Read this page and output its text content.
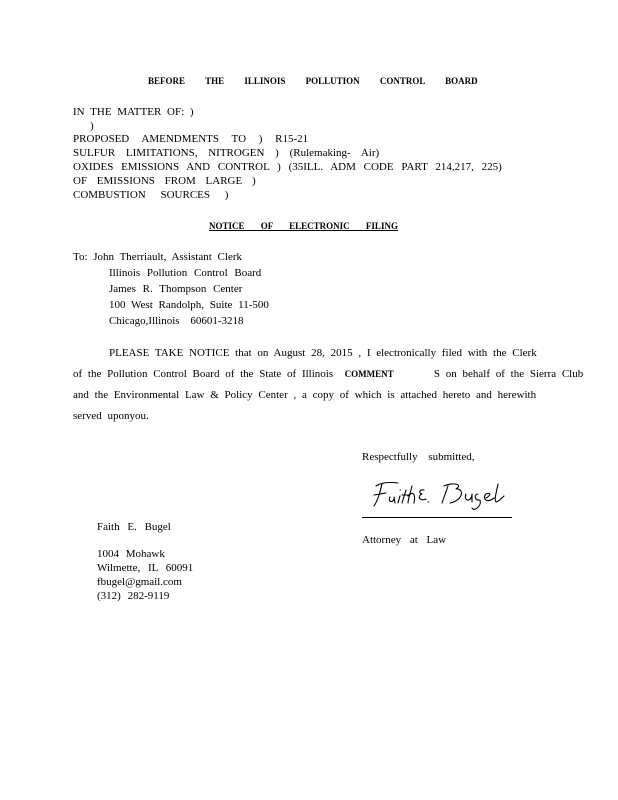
BEFORE THE ILLINOIS POLLUTION CONTROL BOARD
IN THE MATTER OF: )
)
PROPOSED AMENDMENTS TO ) R15-21
SULFUR LIMITATIONS, NITROGEN ) (Rulemaking- Air)
OXIDES EMISSIONS AND CONTROL ) (35ILL. ADM CODE PART 214,217, 225)
OF EMISSIONS FROM LARGE )
COMBUSTION SOURCES )
NOTICE OF ELECTRONIC FILING
To: John Therriault, Assistant Clerk
Illinois Pollution Control Board
James R. Thompson Center
100 West Randolph, Suite 11-500
Chicago,Illinois 60601-3218
PLEASE TAKE NOTICE that on August 28, 2015 , I electronically filed with the Clerk
of the Pollution Control Board of the State of Illinois COMMENT	S on behalf of the Sierra Club
and the Environmental Law & Policy Center , a copy of which is attached hereto and herewith
served uponyou.
Respectfully submitted,
Attorney at Law
Faith E. Bugel
1004 Mohawk
Wilmette, IL 60091
fbugel@gmail.com
(312) 282-9119
